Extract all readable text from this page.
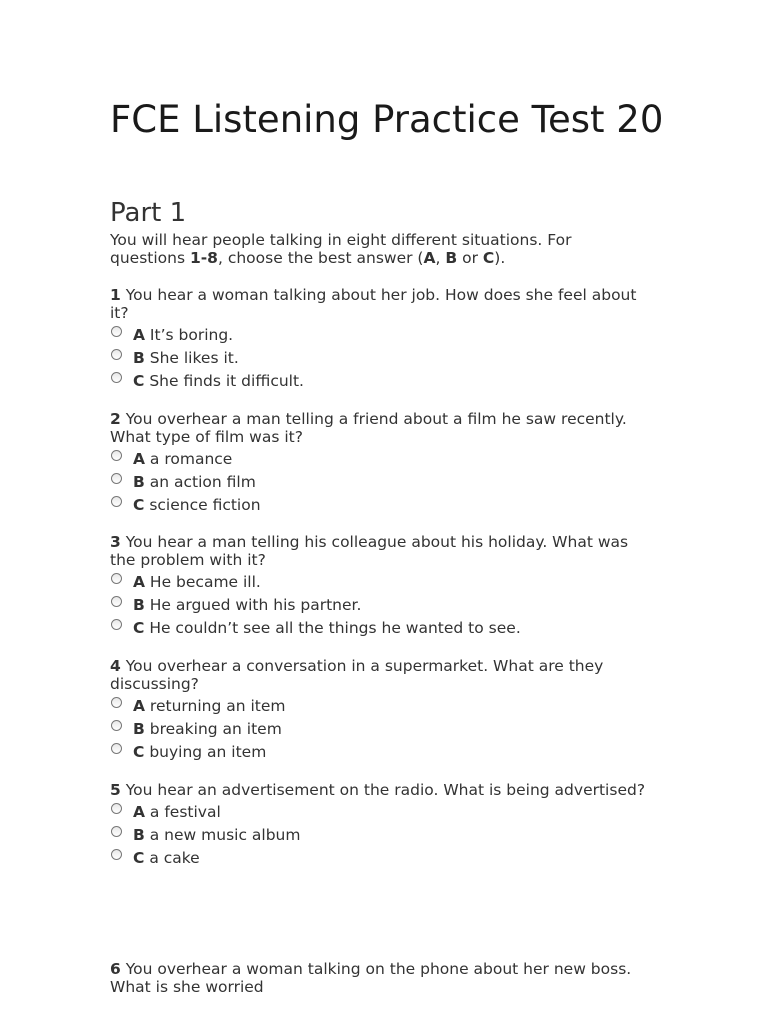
FCE Listening Practice Test 20
Part 1

You will hear people talking in eight different situations. For questions 1-8, choose the best answer (A, B or C).

1 You hear a woman talking about her job. How does she feel about it?

A It’s boring.
B She likes it.
C She finds it difficult.

2 You overhear a man telling a friend about a film he saw recently. What type of film was it?

A a romance
B an action film
C science fiction

3 You hear a man telling his colleague about his holiday. What was the problem with it?

A He became ill.
B He argued with his partner.
C He couldn’t see all the things he wanted to see.

4 You overhear a conversation in a supermarket. What are they discussing?

A returning an item
B breaking an item
C buying an item

5 You hear an advertisement on the radio. What is being advertised?

A a festival
B a new music album
C a cake

6 You overhear a woman talking on the phone about her new boss. What is she worried
